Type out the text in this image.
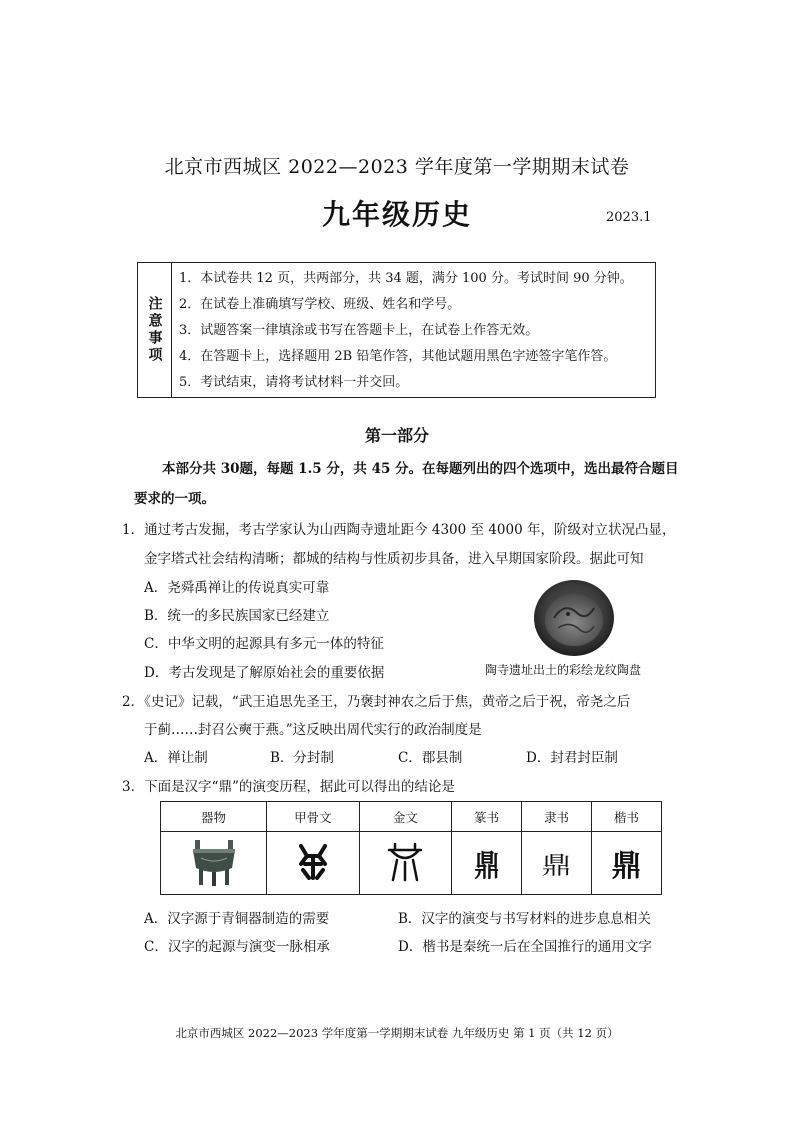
北京市西城区 2022—2023 学年度第一学期期末试卷
九年级历史	2023.1
注意事项
1．本试卷共 12 页，共两部分，共 34 题，满分 100 分。考试时间 90 分钟。
2．在试卷上准确填写学校、班级、姓名和学号。
3．试题答案一律填涂或书写在答题卡上，在试卷上作答无效。
4．在答题卡上，选择题用 2B 铅笔作答，其他试题用黑色字迹签字笔作答。
5．考试结束，请将考试材料一并交回。
第一部分
本部分共 30题，每题 1.5 分，共 45 分。在每题列出的四个选项中，选出最符合题目
要求的一项。
1．通过考古发掘，考古学家认为山西陶寺遗址距今 4300 至 4000 年，阶级对立状况凸显，
金字塔式社会结构清晰；都城的结构与性质初步具备，进入早期国家阶段。据此可知
A．尧舜禹禅让的传说真实可靠
B．统一的多民族国家已经建立
C．中华文明的起源具有多元一体的特征
D．考古发现是了解原始社会的重要依据	陶寺遗址出土的彩绘龙纹陶盘
2．《史记》记载，“武王追思先圣王，乃褒封神农之后于焦，黄帝之后于祝，帝尧之后
于蓟……封召公奭于燕。”这反映出周代实行的政治制度是
A．禅让制	B．分封制	C．郡县制	D．封君封臣制
3．下面是汉字“鼎”的演变历程，据此可以得出的结论是
器物	甲骨文	金文	篆书	隶书	楷书
			鼎	鼎	鼎
A．汉字源于青铜器制造的需要	B．汉字的演变与书写材料的进步息息相关
C．汉字的起源与演变一脉相承	D．楷书是秦统一后在全国推行的通用文字
北京市西城区 2022—2023 学年度第一学期期末试卷 九年级历史 第 1 页（共 12 页）
